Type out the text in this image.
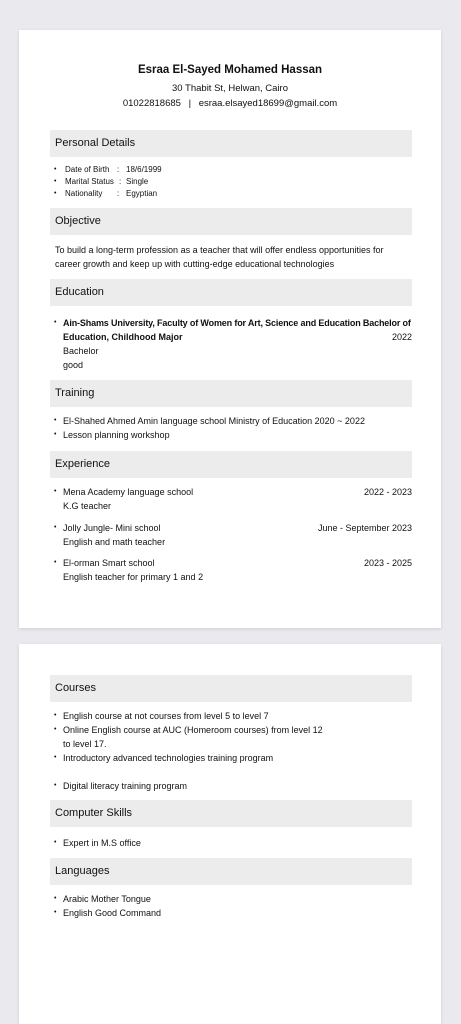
Esraa El-Sayed Mohamed Hassan
30 Thabit St, Helwan, Cairo
01022818685 | esraa.elsayed18699@gmail.com
Personal Details
• Date of Birth : 18/6/1999
• Marital Status : Single
• Nationality : Egyptian
Objective
To build a long-term profession as a teacher that will offer endless opportunities for
career growth and keep up with cutting-edge educational technologies
Education
• Ain-Shams University, Faculty of Women for Art, Science and Education Bachelor of
Education, Childhood Major	2022
Bachelor
good
Training
• El-Shahed Ahmed Amin language school Ministry of Education 2020 ~ 2022
• Lesson planning workshop
Experience
• Mena Academy language school	2022 - 2023
K.G teacher
• Jolly Jungle- Mini school	June - September 2023
English and math teacher
• El-orman Smart school	2023 - 2025
English teacher for primary 1 and 2
Courses
• English course at not courses from level 5 to level 7
• Online English course at AUC (Homeroom courses) from level 12
to level 17.
• Introductory advanced technologies training program
• Digital literacy training program
Computer Skills
• Expert in M.S office
Languages
• Arabic Mother Tongue
• English Good Command
